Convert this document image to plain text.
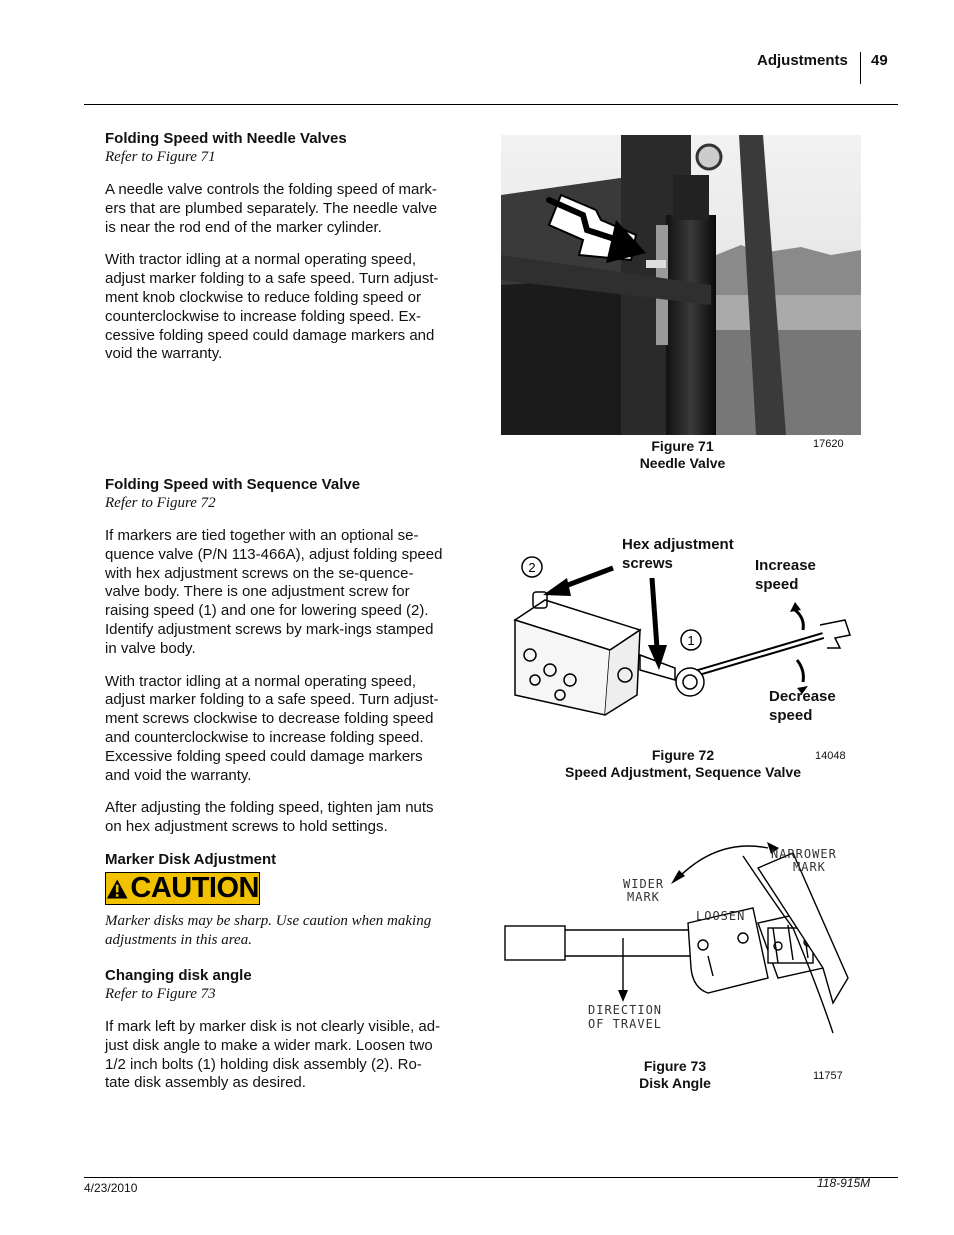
Adjustments 49
Folding Speed with Needle Valves
Refer to Figure 71

A needle valve controls the folding speed of mark-ers that are plumbed separately. The needle valve is near the rod end of the marker cylinder.

With tractor idling at a normal operating speed, adjust marker folding to a safe speed. Turn adjust-ment knob clockwise to reduce folding speed or counterclockwise to increase folding speed. Ex-cessive folding speed could damage markers and void the warranty.

Folding Speed with Sequence Valve
Refer to Figure 72

If markers are tied together with an optional se-quence valve (P/N 113-466A), adjust folding speed with hex adjustment screws on the se-quence-valve body. There is one adjustment screw for raising speed (1) and one for lowering speed (2). Identify adjustment screws by mark-ings stamped in valve body.

With tractor idling at a normal operating speed, adjust marker folding to a safe speed. Turn adjust-ment screws clockwise to decrease folding speed and counterclockwise to increase folding speed. Excessive folding speed could damage markers and void the warranty.

After adjusting the folding speed, tighten jam nuts on hex adjustment screws to hold settings.

Marker Disk Adjustment
CAUTION
Marker disks may be sharp. Use caution when making adjustments in this area.
Changing disk angle
Refer to Figure 73

If mark left by marker disk is not clearly visible, ad-just disk angle to make a wider mark. Loosen two 1/2 inch bolts (1) holding disk assembly (2). Ro-tate disk assembly as desired.

Figure 71
Needle Valve
17620
2
1
Hex adjustment
screws	Increase
speed
Decrease
speed
Figure 72
Speed Adjustment, Sequence Valve
14048
WIDER
MARK
NARROWER
MARK
LOOSEN
DIRECTION
OF TRAVEL
Figure 73
Disk Angle	11757
4/23/2010	118-915M
